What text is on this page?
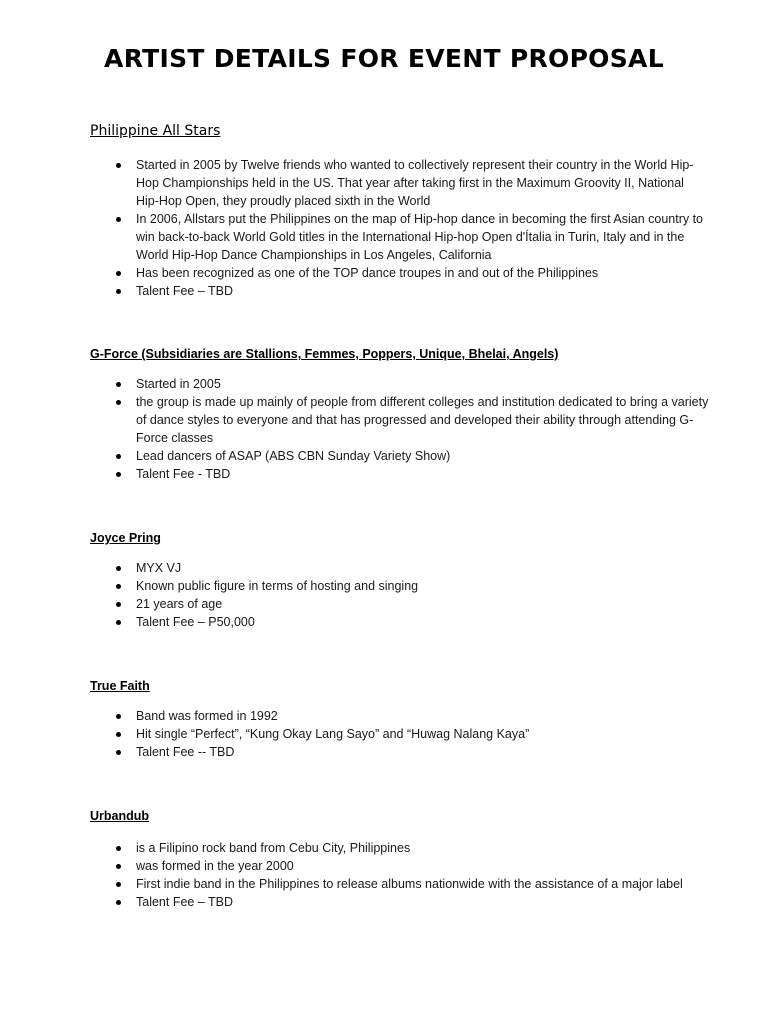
ARTIST DETAILS FOR EVENT PROPOSAL

Philippine All Stars

Started in 2005 by Twelve friends who wanted to collectively represent their country in the World Hip-Hop Championships held in the US. That year after taking first in the Maximum Groovity II, National Hip-Hop Open, they proudly placed sixth in the World
In 2006, Allstars put the Philippines on the map of Hip-hop dance in becoming the first Asian country to win back-to-back World Gold titles in the International Hip-hop Open d'Ítalia in Turin, Italy and in the World Hip-Hop Dance Championships in Los Angeles, California
Has been recognized as one of the TOP dance troupes in and out of the Philippines
Talent Fee – TBD

G-Force (Subsidiaries are Stallions, Femmes, Poppers, Unique, Bhelai, Angels)

Started in 2005
the group is made up mainly of people from different colleges and institution dedicated to bring a variety of dance styles to everyone and that has progressed and developed their ability through attending G-Force classes
Lead dancers of ASAP (ABS CBN Sunday Variety Show)
Talent Fee - TBD

Joyce Pring

MYX VJ
Known public figure in terms of hosting and singing
21 years of age
Talent Fee – P50,000

True Faith

Band was formed in 1992
Hit single “Perfect”, “Kung Okay Lang Sayo” and “Huwag Nalang Kaya”
Talent Fee -- TBD

Urbandub

is a Filipino rock band from Cebu City, Philippines
was formed in the year 2000
First indie band in the Philippines to release albums nationwide with the assistance of a major label
Talent Fee – TBD
